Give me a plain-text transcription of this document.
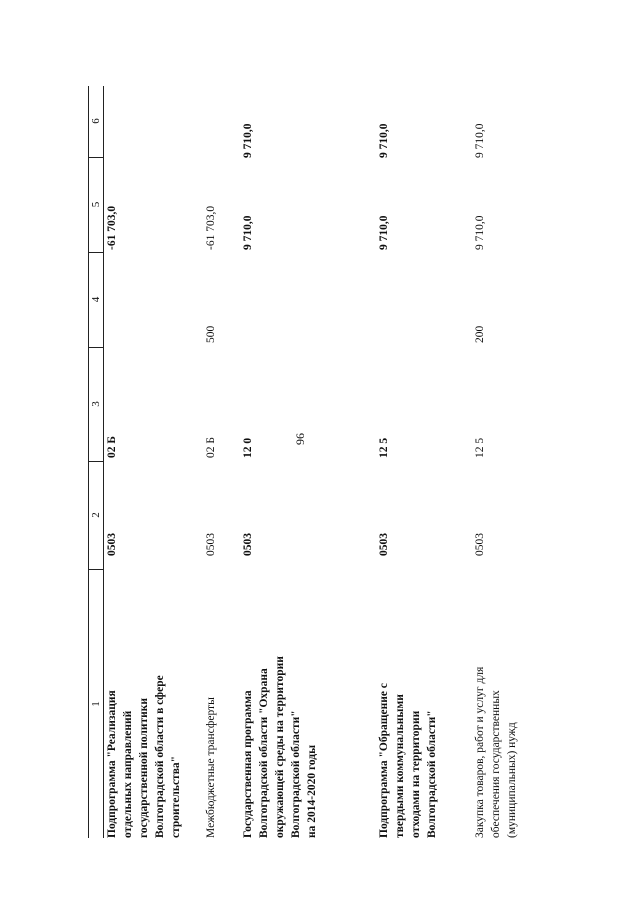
96
1
2
3
4
5
6
Подпрограмма "Реализация
отдельных направлений
государственной политики
Волгоградской области в сфере
строительства"
0503
02 Б
-61 703,0
Межбюджетные трансферты
0503
02 Б
500
-61 703,0
Государственная программа
Волгоградской области "Охрана
окружающей среды на территории
Волгоградской области"
на 2014-2020 годы
0503
12 0
9 710,0
9 710,0
Подпрограмма "Обращение с
твердыми коммунальными
отходами на территории
Волгоградской области"
0503
12 5
9 710,0
9 710,0
Закупка товаров, работ и услуг для
обеспечения государственных
(муниципальных) нужд
0503
12 5
200
9 710,0
9 710,0
